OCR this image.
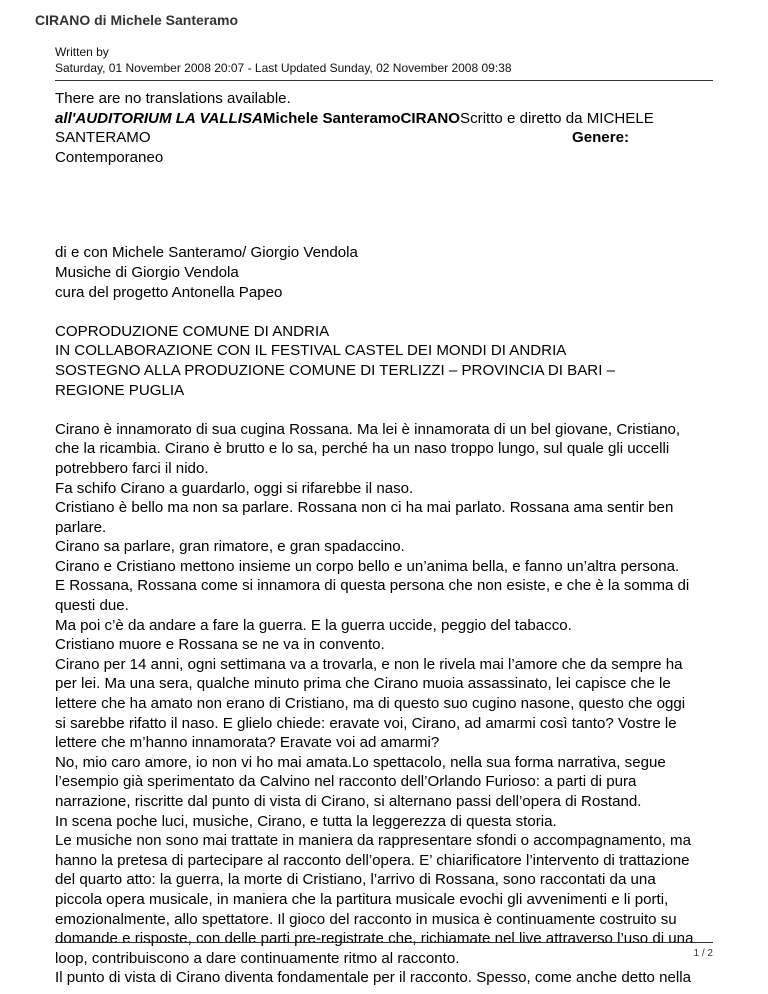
CIRANO di Michele Santeramo
Written by
Saturday, 01 November 2008 20:07 - Last Updated Sunday, 02 November 2008 09:38

There are no translations available.

all'AUDITORIUM LA VALLISAMichele SanteramoCIRANOScritto e diretto da MICHELE

SANTERAMO	Genere:

Contemporaneo

di e con Michele Santeramo/ Giorgio Vendola

Musiche di Giorgio Vendola

cura del progetto Antonella Papeo

COPRODUZIONE COMUNE DI ANDRIA

IN COLLABORAZIONE CON IL FESTIVAL CASTEL DEI MONDI DI ANDRIA

SOSTEGNO ALLA PRODUZIONE COMUNE DI TERLIZZI – PROVINCIA DI BARI –

REGIONE PUGLIA

Cirano è innamorato di sua cugina Rossana. Ma lei è innamorata di un bel giovane, Cristiano,

che la ricambia. Cirano è brutto e lo sa, perché ha un naso troppo lungo, sul quale gli uccelli

potrebbero farci il nido.

Fa schifo Cirano a guardarlo, oggi si rifarebbe il naso.

Cristiano è bello ma non sa parlare. Rossana non ci ha mai parlato. Rossana ama sentir ben

parlare.

Cirano sa parlare, gran rimatore, e gran spadaccino.

Cirano e Cristiano mettono insieme un corpo bello e un’anima bella, e fanno un’altra persona.

E Rossana, Rossana come si innamora di questa persona che non esiste, e che è la somma di

questi due.

Ma poi c’è da andare a fare la guerra. E la guerra uccide, peggio del tabacco.

Cristiano muore e Rossana se ne va in convento.

Cirano per 14 anni, ogni settimana va a trovarla, e non le rivela mai l’amore che da sempre ha

per lei. Ma una sera, qualche minuto prima che Cirano muoia assassinato, lei capisce che le

lettere che ha amato non erano di Cristiano, ma di questo suo cugino nasone, questo che oggi

si sarebbe rifatto il naso. E glielo chiede: eravate voi, Cirano, ad amarmi così tanto? Vostre le

lettere che m’hanno innamorata? Eravate voi ad amarmi?

No, mio caro amore, io non vi ho mai amata.Lo spettacolo, nella sua forma narrativa, segue

l’esempio già sperimentato da Calvino nel racconto dell’Orlando Furioso: a parti di pura

narrazione, riscritte dal punto di vista di Cirano, si alternano passi dell’opera di Rostand.

In scena poche luci, musiche, Cirano, e tutta la leggerezza di questa storia.

Le musiche non sono mai trattate in maniera da rappresentare sfondi o accompagnamento, ma

hanno la pretesa di partecipare al racconto dell’opera. E’ chiarificatore l’intervento di trattazione

del quarto atto: la guerra, la morte di Cristiano, l’arrivo di Rossana, sono raccontati da una

piccola opera musicale, in maniera che la partitura musicale evochi gli avvenimenti e li porti,

emozionalmente, allo spettatore. Il gioco del racconto in musica è continuamente costruito su

domande e risposte, con delle parti pre-registrate che, richiamate nel live attraverso l’uso di una

loop, contribuiscono a dare continuamente ritmo al racconto.

Il punto di vista di Cirano diventa fondamentale per il racconto. Spesso, come anche detto nella

1 / 2
